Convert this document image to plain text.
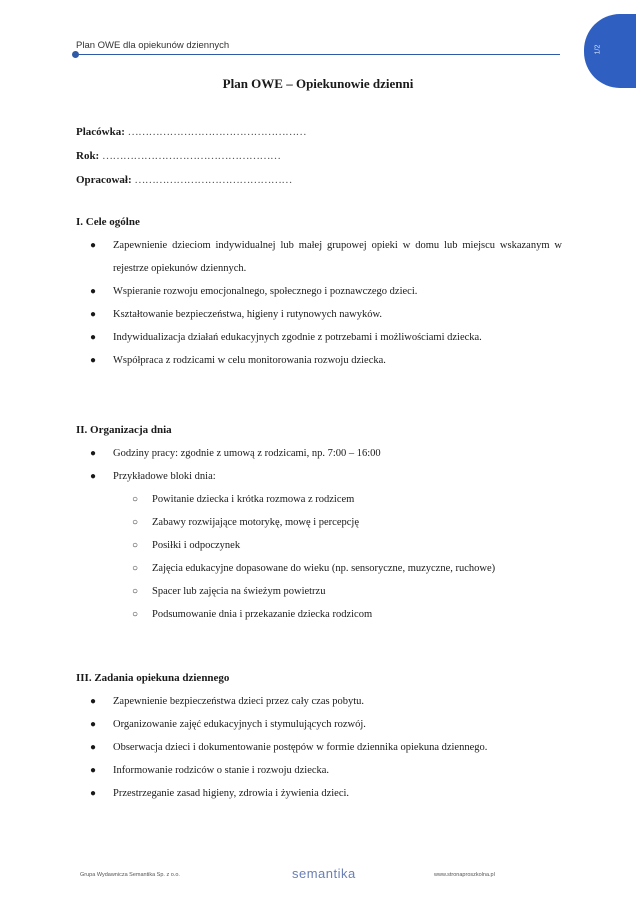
Plan OWE dla opiekunów dziennych	1/2
Plan OWE – Opiekunowie dzienni
Placówka: ……………………………………………
Rok: ……………………………………………
Opracował: ………………………………………
I. Cele ogólne
● Zapewnienie dzieciom indywidualnej lub małej grupowej opieki w domu lub miejscu wskazanym w rejestrze opiekunów dziennych.
● Wspieranie rozwoju emocjonalnego, społecznego i poznawczego dzieci.
● Kształtowanie bezpieczeństwa, higieny i rutynowych nawyków.
● Indywidualizacja działań edukacyjnych zgodnie z potrzebami i możliwościami dziecka.
● Współpraca z rodzicami w celu monitorowania rozwoju dziecka.
II. Organizacja dnia
● Godziny pracy: zgodnie z umową z rodzicami, np. 7:00 – 16:00
● Przykładowe bloki dnia:
○ Powitanie dziecka i krótka rozmowa z rodzicem
○ Zabawy rozwijające motorykę, mowę i percepcję
○ Posiłki i odpoczynek
○ Zajęcia edukacyjne dopasowane do wieku (np. sensoryczne, muzyczne, ruchowe)
○ Spacer lub zajęcia na świeżym powietrzu
○ Podsumowanie dnia i przekazanie dziecka rodzicom
III. Zadania opiekuna dziennego
● Zapewnienie bezpieczeństwa dzieci przez cały czas pobytu.
● Organizowanie zajęć edukacyjnych i stymulujących rozwój.
● Obserwacja dzieci i dokumentowanie postępów w formie dziennika opiekuna dziennego.
● Informowanie rodziców o stanie i rozwoju dziecka.
● Przestrzeganie zasad higieny, zdrowia i żywienia dzieci.
Grupa Wydawnicza Semantika Sp. z o.o.	semantika	www.stronaproszkolna.pl
